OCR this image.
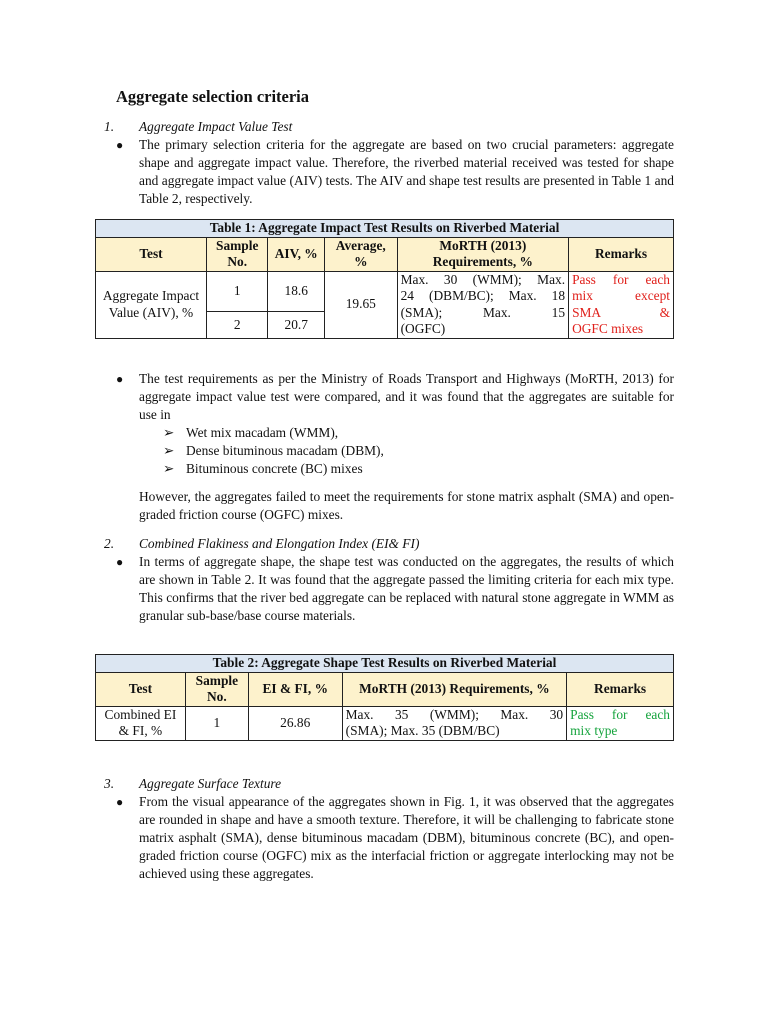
Aggregate selection criteria
1. Aggregate Impact Value Test
● The primary selection criteria for the aggregate are based on two crucial parameters: aggregate shape and aggregate impact value. Therefore, the riverbed material received was tested for shape and aggregate impact value (AIV) tests. The AIV and shape test results are presented in Table 1 and Table 2, respectively.
Table 1: Aggregate Impact Test Results on Riverbed Material					
Test	Sample No.	AIV, %	Average, %	MoRTH (2013) Requirements, %	Remarks
Aggregate Impact Value (AIV), %	1	18.6	19.65	Max. 30 (WMM); Max.
24 (DBM/BC); Max. 18
(SMA); Max. 15
(OGFC)	Pass for each
mix except
SMA &
OGFC mixes

	2	20.7			
● The test requirements as per the Ministry of Roads Transport and Highways (MoRTH, 2013) for aggregate impact value test were compared, and it was found that the aggregates are suitable for use in
➢ Wet mix macadam (WMM),
➢ Dense bituminous macadam (DBM),
➢ Bituminous concrete (BC) mixes
However, the aggregates failed to meet the requirements for stone matrix asphalt (SMA) and open-graded friction course (OGFC) mixes.
2. Combined Flakiness and Elongation Index (EI& FI)
● In terms of aggregate shape, the shape test was conducted on the aggregates, the results of which are shown in Table 2. It was found that the aggregate passed the limiting criteria for each mix type. This confirms that the river bed aggregate can be replaced with natural stone aggregate in WMM as granular sub-base/base course materials.
Table 2: Aggregate Shape Test Results on Riverbed Material				
Test	Sample No.	EI & FI, %	MoRTH (2013) Requirements, %	Remarks
Combined EI & FI, %	1	26.86	Max. 35 (WMM); Max. 30
(SMA); Max. 35 (DBM/BC)	Pass for each
mix type
3. Aggregate Surface Texture
● From the visual appearance of the aggregates shown in Fig. 1, it was observed that the aggregates are rounded in shape and have a smooth texture. Therefore, it will be challenging to fabricate stone matrix asphalt (SMA), dense bituminous macadam (DBM), bituminous concrete (BC), and open-graded friction course (OGFC) mix as the interfacial friction or aggregate interlocking may not be achieved using these aggregates.
